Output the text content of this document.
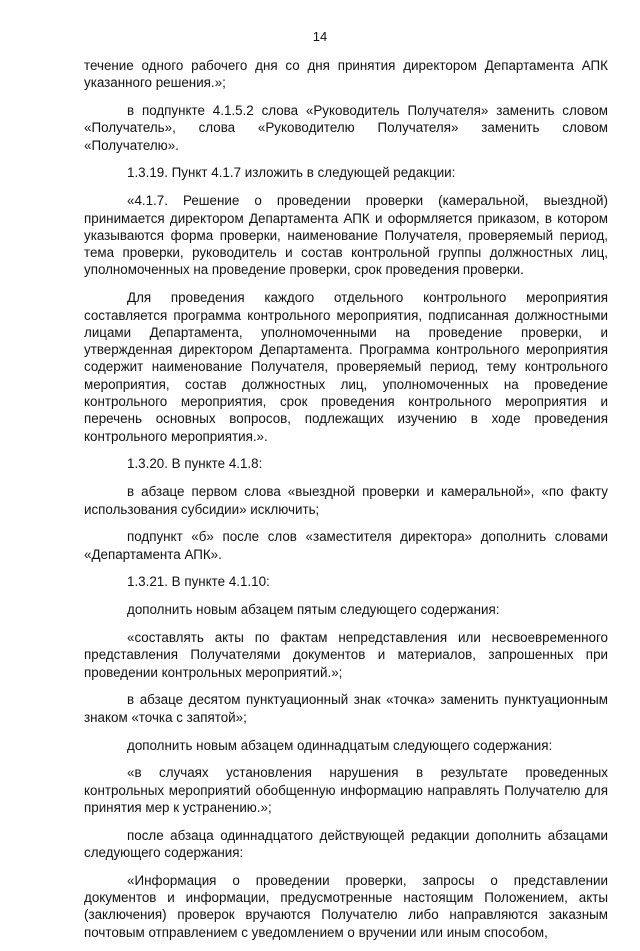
14

течение одного рабочего дня со дня принятия директором Департамента АПК указанного решения.»;

в подпункте 4.1.5.2 слова «Руководитель Получателя» заменить словом «Получатель», слова «Руководителю Получателя» заменить словом «Получателю».

1.3.19. Пункт 4.1.7 изложить в следующей редакции:

«4.1.7. Решение о проведении проверки (камеральной, выездной) принимается директором Департамента АПК и оформляется приказом, в котором указываются форма проверки, наименование Получателя, проверяемый период, тема проверки, руководитель и состав контрольной группы должностных лиц, уполномоченных на проведение проверки, срок проведения проверки.

Для проведения каждого отдельного контрольного мероприятия составляется программа контрольного мероприятия, подписанная должностными лицами Департамента, уполномоченными на проведение проверки, и утвержденная директором Департамента. Программа контрольного мероприятия содержит наименование Получателя, проверяемый период, тему контрольного мероприятия, состав должностных лиц, уполномоченных на проведение контрольного мероприятия, срок проведения контрольного мероприятия и перечень основных вопросов, подлежащих изучению в ходе проведения контрольного мероприятия.».

1.3.20. В пункте 4.1.8:

в абзаце первом слова «выездной проверки и камеральной», «по факту использования субсидии» исключить;

подпункт «б» после слов «заместителя директора» дополнить словами «Департамента АПК».

1.3.21. В пункте 4.1.10:

дополнить новым абзацем пятым следующего содержания:

«составлять акты по фактам непредставления или несвоевременного представления Получателями документов и материалов, запрошенных при проведении контрольных мероприятий.»;

в абзаце десятом пунктуационный знак «точка» заменить пунктуационным знаком «точка с запятой»;

дополнить новым абзацем одиннадцатым следующего содержания:

«в случаях установления нарушения в результате проведенных контрольных мероприятий обобщенную информацию направлять Получателю для принятия мер к устранению.»;

после абзаца одиннадцатого действующей редакции дополнить абзацами следующего содержания:

«Информация о проведении проверки, запросы о представлении документов и информации, предусмотренные настоящим Положением, акты (заключения) проверок вручаются Получателю либо направляются заказным почтовым отправлением с уведомлением о вручении или иным способом,
